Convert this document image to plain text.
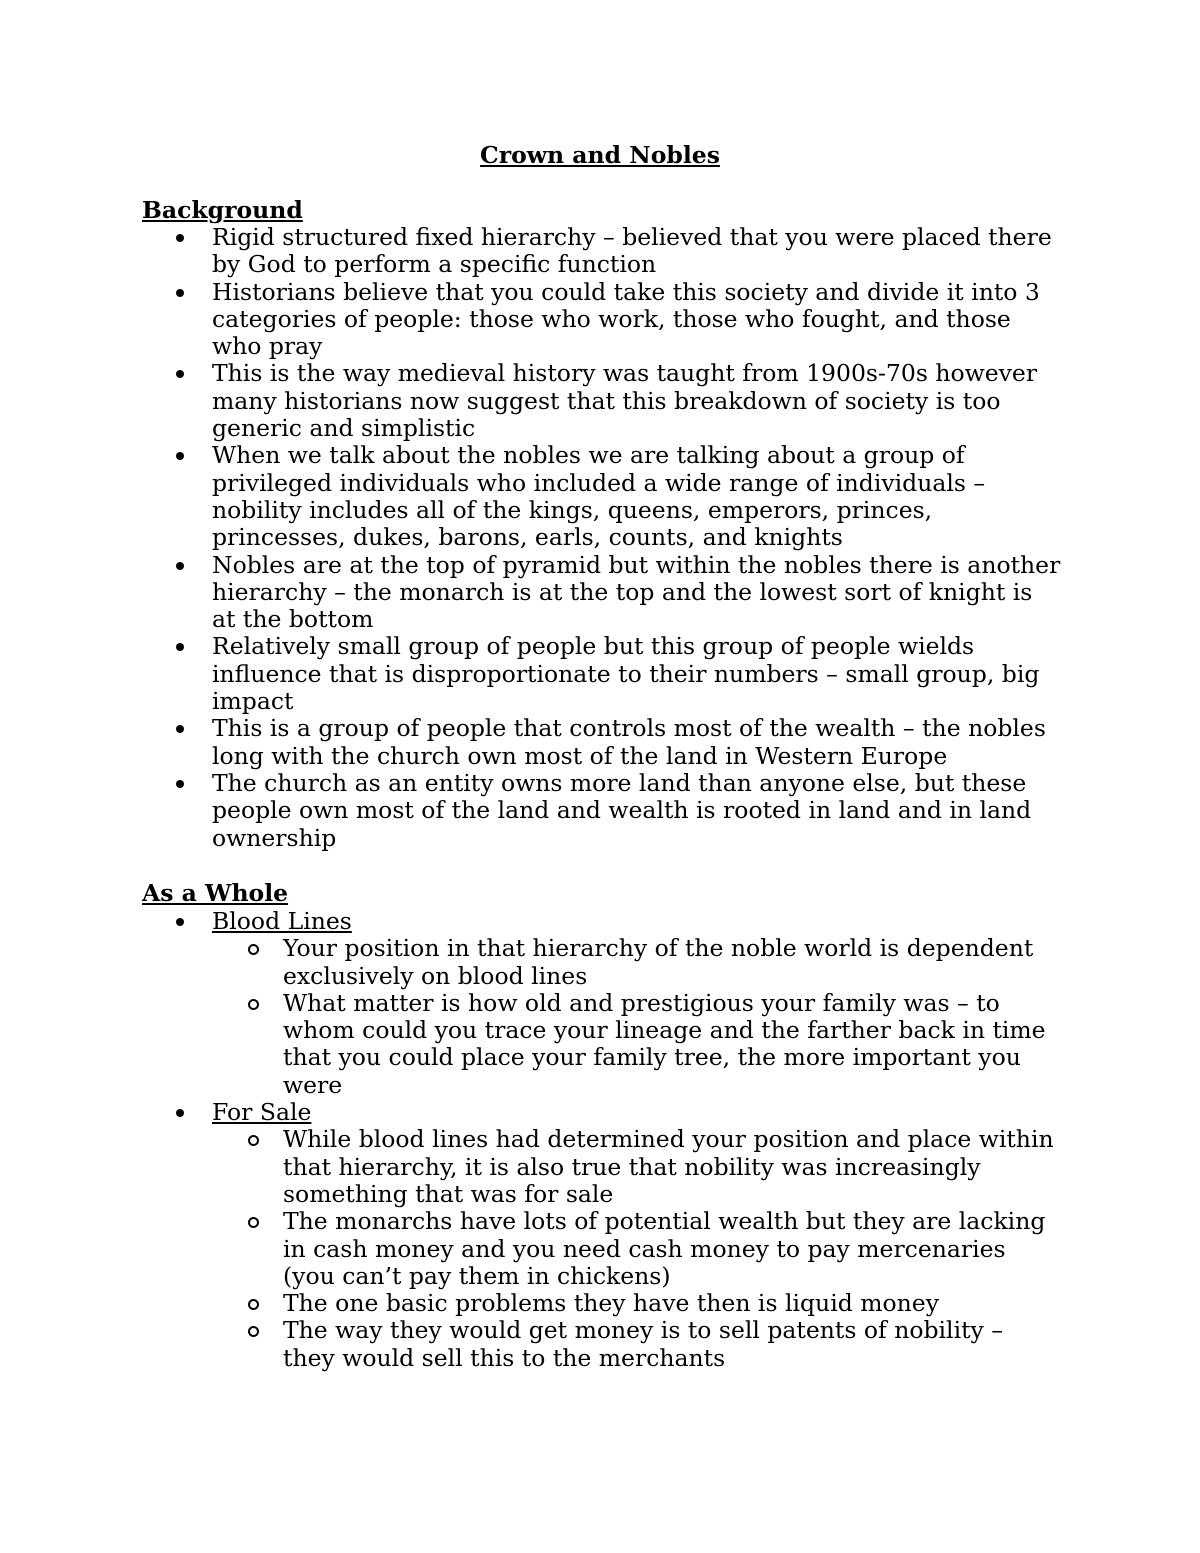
Crown and Nobles
Background
Rigid structured fixed hierarchy – believed that you were placed there by God to perform a specific function
Historians believe that you could take this society and divide it into 3 categories of people: those who work, those who fought, and those who pray
This is the way medieval history was taught from 1900s-70s however many historians now suggest that this breakdown of society is too generic and simplistic
When we talk about the nobles we are talking about a group of privileged individuals who included a wide range of individuals – nobility includes all of the kings, queens, emperors, princes, princesses, dukes, barons, earls, counts, and knights
Nobles are at the top of pyramid but within the nobles there is another hierarchy – the monarch is at the top and the lowest sort of knight is at the bottom
Relatively small group of people but this group of people wields influence that is disproportionate to their numbers – small group, big impact
This is a group of people that controls most of the wealth – the nobles long with the church own most of the land in Western Europe
The church as an entity owns more land than anyone else, but these people own most of the land and wealth is rooted in land and in land ownership
As a Whole
Blood Lines
Your position in that hierarchy of the noble world is dependent exclusively on blood lines
What matter is how old and prestigious your family was – to whom could you trace your lineage and the farther back in time that you could place your family tree, the more important you were
For Sale
While blood lines had determined your position and place within that hierarchy, it is also true that nobility was increasingly something that was for sale
The monarchs have lots of potential wealth but they are lacking in cash money and you need cash money to pay mercenaries (you can’t pay them in chickens)
The one basic problems they have then is liquid money
The way they would get money is to sell patents of nobility – they would sell this to the merchants
